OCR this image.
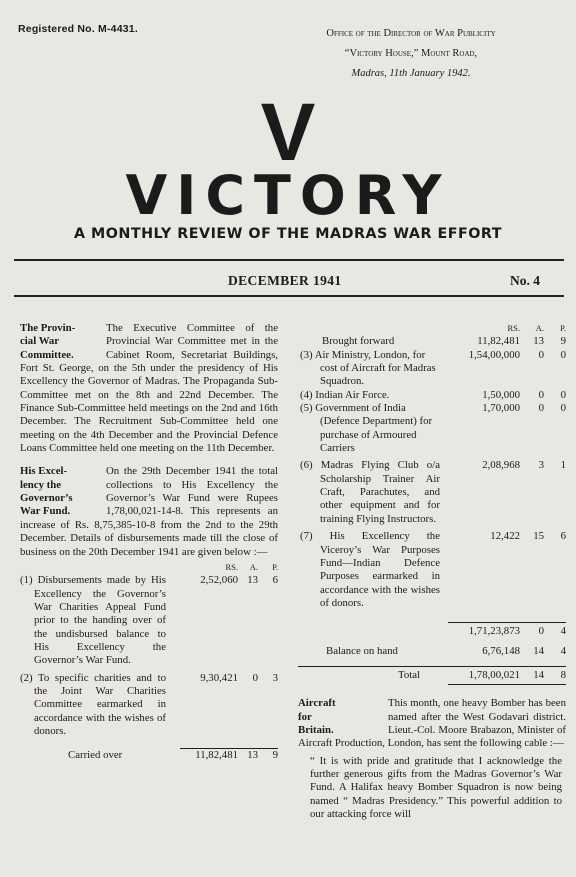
Registered No. M-4431.	Office of the Director of War Publicity
“Victory House,” Mount Road,
Madras, 11th January 1942.
V
VICTORY
A MONTHLY REVIEW OF THE MADRAS WAR EFFORT
DECEMBER 1941	No. 4
The Provin-
cial War
Committee.

The Executive Committee of the Provincial War Committee met in the Cabinet Room, Secretariat Buildings, Fort St. George, on the 5th under the presidency of His Excellency the Governor of Madras. The Propaganda Sub-Committee met on the 8th and 22nd December. The Finance Sub-Committee held meetings on the 2nd and 16th December. The Recruitment Sub-Committee held one meeting on the 4th December and the Provincial Defence Loans Committee held one meeting on the 11th December.

His Excel-
lency the
Governor’s
War Fund.

On the 29th December 1941 the total collections to His Excellency the Governor’s War Fund were Rupees 1,78,00,021-14-8. This represents an increase of Rs. 8,75,385-10-8 from the 2nd to the 29th December. Details of disbursements made till the close of business on the 20th December 1941 are given below :—

	RS.	A.	P.
(1) Disbursements made by His Excellency the Governor’s War Charities Appeal Fund prior to the handing over of the undisbursed balance to His Excellency the Governor’s War Fund.	2,52,060	13	6

(2) To specific charities and to the Joint War Charities Committee earmarked in accordance with the wishes of donors.	9,30,421	0	3

Carried over	11,82,481	13	9
	RS.	A.	P.
Brought forward	11,82,481	13	9
(3) Air Ministry, London, for cost of Aircraft for Madras Squadron.	1,54,00,000	0	0
(4) Indian Air Force.	1,50,000	0	0
(5) Government of India (Defence Department) for purchase of Armoured Carriers	1,70,000	0	0

(6) Madras Flying Club o/a Scholarship Trainer Air Craft, Parachutes, and other equipment and for training Flying Instructors.	2,08,968	3	1

(7) His Excellency the Viceroy’s War Purposes Fund—Indian Defence Purposes earmarked in accordance with the wishes of donors.	12,422	15	6

	1,71,23,873	0	4

Balance on hand	6,76,148	14	4

Total	1,78,00,021	14	8
Aircraft
for
Britain.

This month, one heavy Bomber has been named after the West Godavari district. Lieut.-Col. Moore Brabazon, Minister of Aircraft Production, London, has sent the following cable :—

“ It is with pride and gratitude that I acknowledge the further generous gifts from the Madras Governor’s War Fund. A Halifax heavy Bomber Squadron is now being named “ Madras Presidency.” This powerful addition to our attacking force will
